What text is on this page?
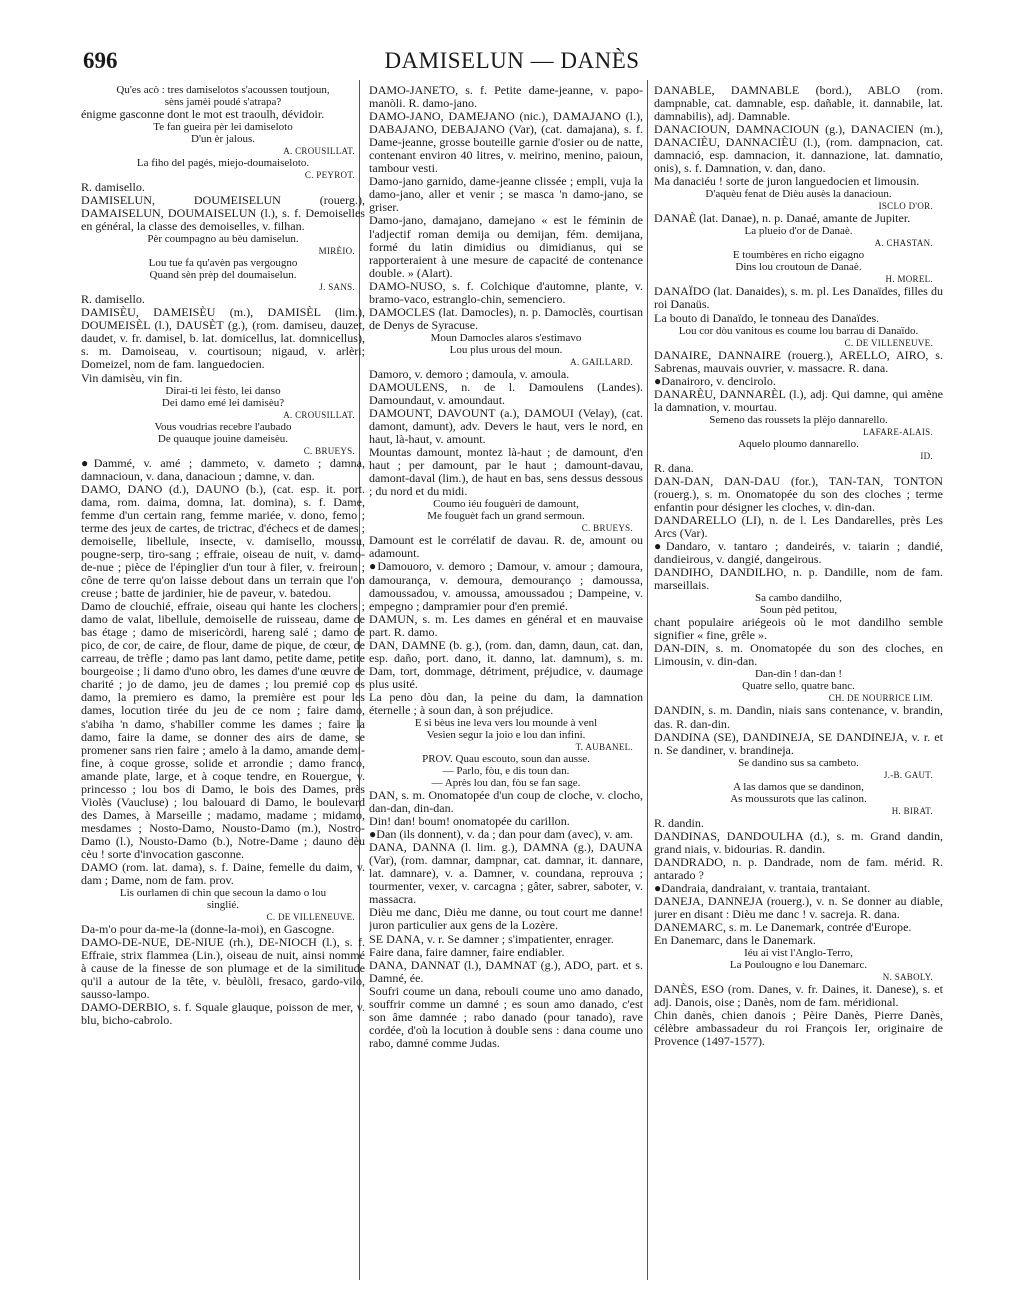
696	DAMISELUN — DANÈS
Qu'es acò : tres damiselotos s'acoussen toutjoun,
sèns jamèi poudé s'atrapa?
énigme gasconne dont le mot est traoulh, dévidoir.
Te fan gueira pèr lei damiseloto
D'un èr jalous.
A. CROUSILLAT.
La fiho del pagés, miejo-doumaiseloto.
C. PEYROT.
R. damisello.
DAMISELUN, DOUMEISELUN (rouerg.), DAMAISELUN, DOUMAISELUN (l.), s. f. Demoiselles en général, la classe des demoiselles, v. filhan.
Pèr coumpagno au bèu damiselun.
MIRÈIO.
Lou tue fa qu'avèn pas vergougno
Quand sèn prèp del doumaiselun.
J. SANS.
R. damisello.
DAMISÈU, DAMEISÈU (m.), DAMISÈL (lim.), DOUMEISÈL (l.), DAUSÈT (g.), (rom. damiseu, dauzet, daudet, v. fr. damisel, b. lat. domicellus, lat. domnicellus), s. m. Damoiseau, v. courtisoun; nigaud, v. arlèri; Domeizel, nom de fam. languedocien.
Vin damisèu, vin fin.
Dirai-ti lei fèsto, lei danso
Dei damo emé lei damisèu?
A. CROUSILLAT.
Vous voudrias recebre l'aubado
De quauque jouine dameisèu.
C. BRUEYS.
●Dammé, v. amé ; dammeto, v. dameto ; damna, damnacioun, v. dana, danacioun ; damne, v. dan.
DAMO, DANO (d.), DAUNO (b.), (cat. esp. it. port. dama, rom. daima, domna, lat. domina), s. f. Dame, femme d'un certain rang, femme mariée, v. dono, femo ; terme des jeux de cartes, de trictrac, d'échecs et de dames ; demoiselle, libellule, insecte, v. damisello, moussu, pougne-serp, tiro-sang ; effraie, oiseau de nuit, v. damo-de-nue ; pièce de l'épinglier d'un tour à filer, v. freiroun ; cône de terre qu'on laisse debout dans un terrain que l'on creuse ; batte de jardinier, hie de paveur, v. batedou.
Damo de clouchié, effraie, oiseau qui hante les clochers ; damo de valat, libellule, demoiselle de ruisseau, dame de bas étage ; damo de misericòrdi, hareng salé ; damo de pico, de cor, de caire, de flour, dame de pique, de cœur, de carreau, de trèfle ; damo pas lant damo, petite dame, petite bourgeoise ; li damo d'uno obro, les dames d'une œuvre de charité ; jo de damo, jeu de dames ; lou premié cop es damo, la premiero es damo, la première est pour les dames, locution tirée du jeu de ce nom ; faire damo, s'abiha 'n damo, s'habiller comme les dames ; faire la damo, faire la dame, se donner des airs de dame, se promener sans rien faire ; amelo à la damo, amande demi-fine, à coque grosse, solide et arrondie ; damo franco, amande plate, large, et à coque tendre, en Rouergue, v. princesso ; lou bos di Damo, le bois des Dames, près Violès (Vaucluse) ; lou balouard di Damo, le boulevard des Dames, à Marseille ; madamo, madame ; midamo, mesdames ; Nosto-Damo, Nousto-Damo (m.), Nostro-Damo (l.), Nousto-Damo (b.), Notre-Dame ; dauno dèu cèu ! sorte d'invocation gasconne.
DAMO (rom. lat. dama), s. f. Daine, femelle du daim, v. dam ; Dame, nom de fam. prov.
Lis ourlamen di chin que secoun la damo o lou
singlié.
C. DE VILLENEUVE.
Da-m'o pour da-me-la (donne-la-moi), en Gascogne.
DAMO-DE-NUE, DE-NIUE (rh.), DE-NIOCH (l.), s. f. Effraie, strix flammea (Lin.), oiseau de nuit, ainsi nommé à cause de la finesse de son plumage et de la similitude qu'il a autour de la tête, v. bèulòli, fresaco, gardo-vilo, sausso-lampo.
DAMO-DERBIO, s. f. Squale glauque, poisson de mer, v. blu, bicho-cabrolo.
DAMO-JANETO, s. f. Petite dame-jeanne, v. papo-manòli. R. damo-jano.
DAMO-JANO, DAMEJANO (nic.), DAMAJANO (l.), DABAJANO, DEBAJANO (Var), (cat. damajana), s. f. Dame-jeanne, grosse bouteille garnie d'osier ou de natte, contenant environ 40 litres, v. meirino, menino, paioun, tambour vesti.
Damo-jano garnido, dame-jeanne clissée ; empli, vuja la damo-jano, aller et venir ; se masca 'n damo-jano, se griser.
Damo-jano, damajano, damejano « est le féminin de l'adjectif roman demija ou demijan, fém. demijana, formé du latin dimidius ou dimidianus, qui se rapporteraient à une mesure de capacité de contenance double. » (Alart).
DAMO-NUSO, s. f. Colchique d'automne, plante, v. bramo-vaco, estranglo-chin, semenciero.
DAMOCLES (lat. Damocles), n. p. Damoclès, courtisan de Denys de Syracuse.
Moun Damocles alaros s'estimavo
Lou plus urous del moun.
A. GAILLARD.
Damoro, v. demoro ; damoula, v. amoula.
DAMOULENS, n. de l. Damoulens (Landes). Damoundaut, v. amoundaut.
DAMOUNT, DAVOUNT (a.), DAMOUI (Velay), (cat. damont, damunt), adv. Devers le haut, vers le nord, en haut, là-haut, v. amount.
Mountas damount, montez là-haut ; de damount, d'en haut ; per damount, par le haut ; damount-davau, damont-daval (lim.), de haut en bas, sens dessus dessous ; du nord et du midi.
Coumo iéu fouguèri de damount,
Me fouguèt fach un grand sermoun.
C. BRUEYS.
Damount est le corrélatif de davau. R. de, amount ou adamount.
●Damouoro, v. demoro ; Damour, v. amour ; damoura, damourança, v. demoura, demouranço ; damoussa, damoussadou, v. amoussa, amoussadou ; Dampeine, v. empegno ; dampramier pour d'en premié.
DAMUN, s. m. Les dames en général et en mauvaise part. R. damo.
DAN, DAMNE (b. g.), (rom. dan, damn, daun, cat. dan, esp. daño, port. dano, it. danno, lat. damnum), s. m. Dam, tort, dommage, détriment, préjudice, v. daumage plus usité.
La peno dòu dan, la peine du dam, la damnation éternelle ; à soun dan, à son préjudice.
E si bèus ine leva vers lou mounde à venl
Vesien segur la joio e lou dan infini.
T. AUBANEL.
PROV. Quau escouto, soun dan ausse.
— Parlo, fòu, e dis toun dan.
— Après lou dan, fòu se fan sage.
DAN, s. m. Onomatopée d'un coup de cloche, v. clocho, dan-dan, din-dan.
Din! dan! boum! onomatopée du carillon.
●Dan (ils donnent), v. da ; dan pour dam (avec), v. am.
DANA, DANNA (l. lim. g.), DAMNA (g.), DAUNA (Var), (rom. damnar, dampnar, cat. damnar, it. dannare, lat. damnare), v. a. Damner, v. coundana, reprouva ; tourmenter, vexer, v. carcagna ; gâter, sabrer, saboter, v. massacra.
Dièu me danc, Dièu me danne, ou tout court me danne! juron particulier aux gens de la Lozère.
SE DANA, v. r. Se damner ; s'impatienter, enrager.
Faire dana, faire damner, faire endiabler.
DANA, DANNAT (l.), DAMNAT (g.), ADO, part. et s. Damné, ée.
Soufri coume un dana, rebouli coume uno amo danado, souffrir comme un damné ; es soun amo danado, c'est son âme damnée ; rabo danado (pour tanado), rave cordée, d'où la locution à double sens : dana coume uno rabo, damné comme Judas.
DANABLE, DAMNABLE (bord.), ABLO (rom. dampnable, cat. damnable, esp. dañable, it. dannabile, lat. damnabilis), adj. Damnable.
DANACIOUN, DAMNACIOUN (g.), DANACIEN (m.), DANACIÈU, DANNACIÈU (l.), (rom. dampnacion, cat. damnació, esp. damnacion, it. dannazione, lat. damnatio, onis), s. f. Damnation, v. dan, dano.
Ma danaciéu ! sorte de juron languedocien et limousin.
D'aquèu fenat de Dièu ausès la danacioun.
ISCLO D'OR.
DANAÈ (lat. Danae), n. p. Danaé, amante de Jupiter.
La plueio d'or de Danaè.
A. CHASTAN.
E toumbères en richo eigagno
Dins lou croutoun de Danaè.
H. MOREL.
DANAÏDO (lat. Danaides), s. m. pl. Les Danaïdes, filles du roi Danaüs.
La bouto di Danaïdo, le tonneau des Danaïdes.
Lou cor dòu vanitous es coume lou barrau di Danaïdo.
C. DE VILLENEUVE.
DANAIRE, DANNAIRE (rouerg.), ARELLO, AIRO, s. Sabrenas, mauvais ouvrier, v. massacre. R. dana.
●Danairoro, v. dencirolo.
DANARÈU, DANNARÈL (l.), adj. Qui damne, qui amène la damnation, v. mourtau.
Semeno das roussets la plèjo dannarello.
LAFARE-ALAIS.
Aquelo ploumo dannarello.
ID.
R. dana.
DAN-DAN, DAN-DAU (for.), TAN-TAN, TONTON (rouerg.), s. m. Onomatopée du son des cloches ; terme enfantin pour désigner les cloches, v. din-dan.
DANDARELLO (LI), n. de l. Les Dandarelles, près Les Arcs (Var).
●Dandaro, v. tantaro ; dandeirés, v. taiarin ; dandié, dandieirous, v. dangié, dangeirous.
DANDIHO, DANDILHO, n. p. Dandille, nom de fam. marseillais.
Sa cambo dandilho,
Soun pèd petitou,
chant populaire ariégeois où le mot dandilho semble signifier « fine, grêle ».
DAN-DIN, s. m. Onomatopée du son des cloches, en Limousin, v. din-dan.
Dan-din ! dan-dan !
Quatre sello, quatre banc.
CH. DE NOURRICE LIM.
DANDIN, s. m. Dandin, niais sans contenance, v. brandin, das. R. dan-din.
DANDINA (SE), DANDINEJA, SE DANDINEJA, v. r. et n. Se dandiner, v. brandineja.
Se dandino sus sa cambeto.
J.-B. GAUT.
A las damos que se dandinon,
As moussurots que las calinon.
H. BIRAT.
R. dandin.
DANDINAS, DANDOULHA (d.), s. m. Grand dandin, grand niais, v. bidourias. R. dandin.
DANDRADO, n. p. Dandrade, nom de fam. mérid. R. antarado ?
●Dandraia, dandraiant, v. trantaia, trantaiant.
DANEJA, DANNEJA (rouerg.), v. n. Se donner au diable, jurer en disant : Dièu me danc ! v. sacreja. R. dana.
DANEMARC, s. m. Le Danemark, contrée d'Europe.
En Danemarc, dans le Danemark.
Iéu ai vist l'Anglo-Terro,
La Poulougno e lou Danemarc.
N. SABOLY.
DANÈS, ESO (rom. Danes, v. fr. Daines, it. Danese), s. et adj. Danois, oise ; Danès, nom de fam. méridional.
Chin danès, chien danois ; Pèire Danès, Pierre Danès, célèbre ambassadeur du roi François Ier, originaire de Provence (1497-1577).
